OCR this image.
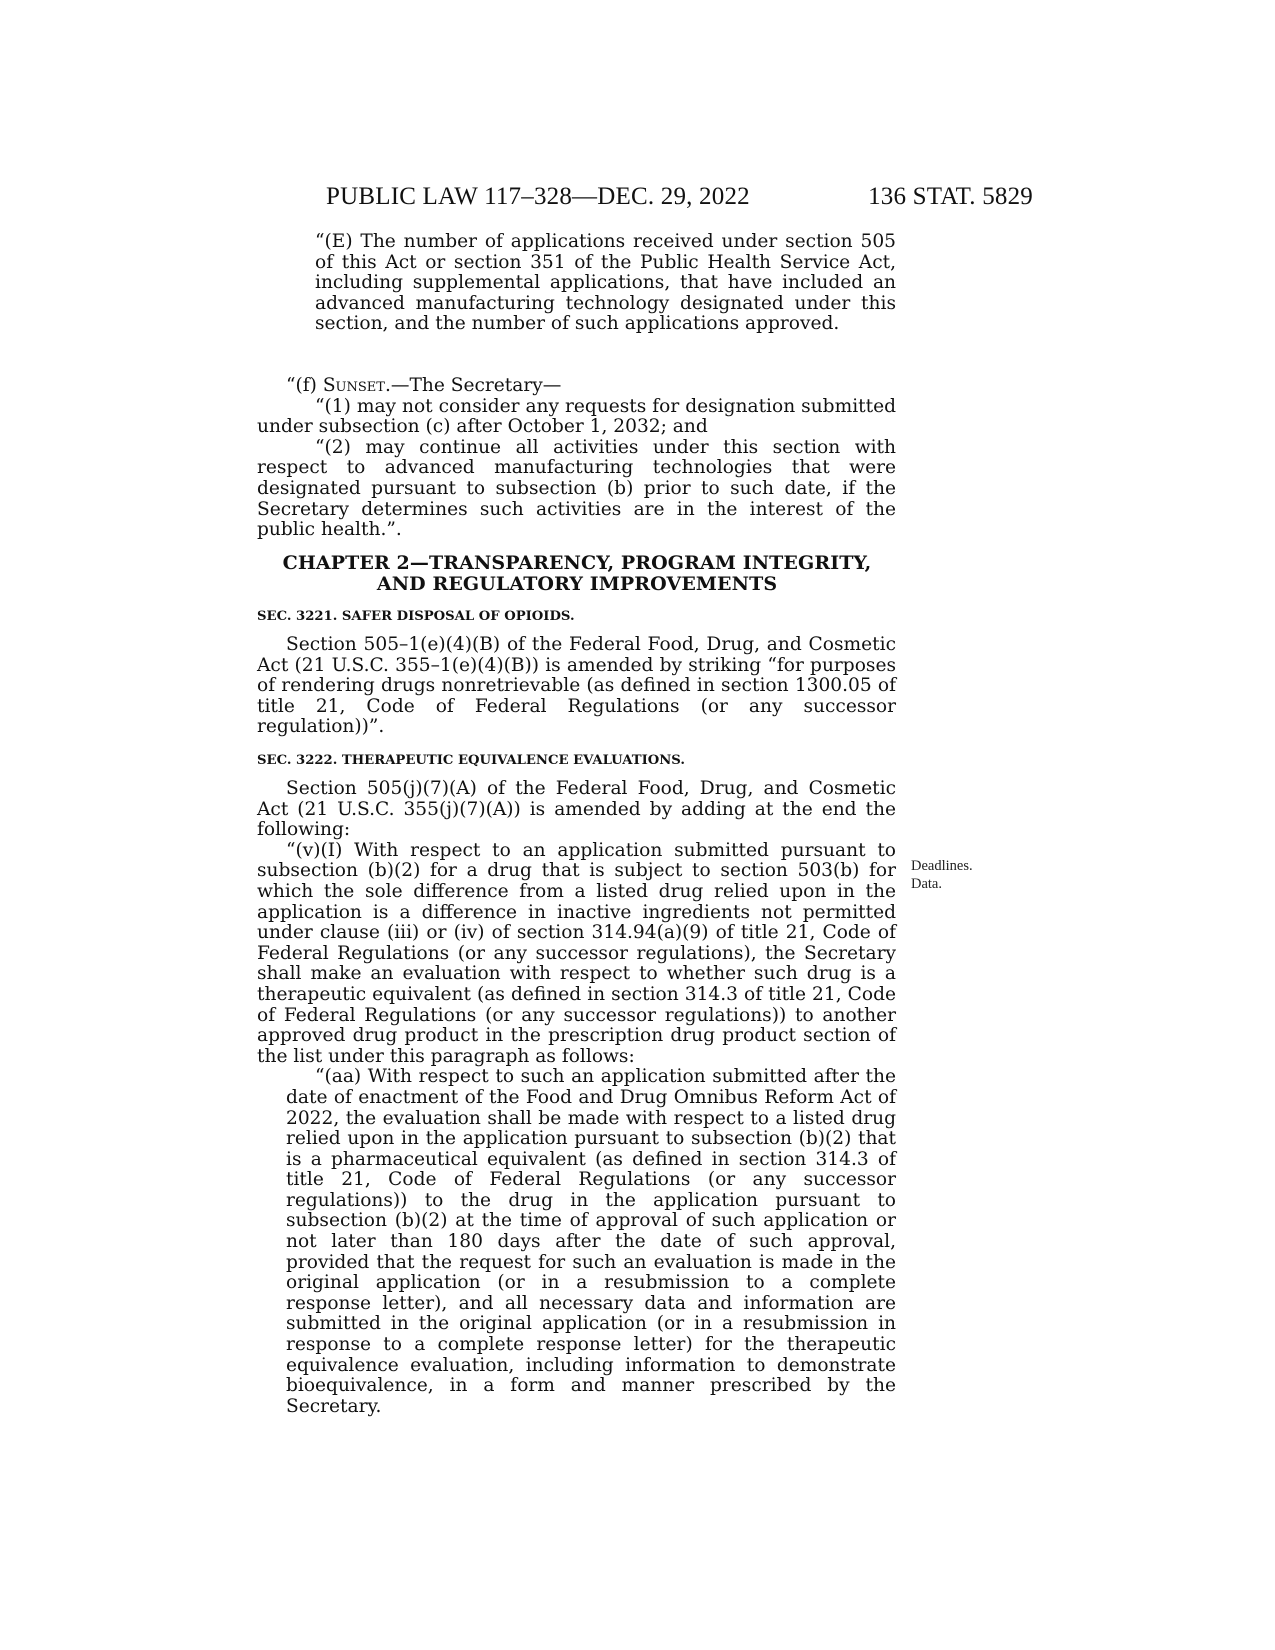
PUBLIC LAW 117–328—DEC. 29, 2022	136 STAT. 5829

“(E) The number of applications received under section 505 of this Act or section 351 of the Public Health Service Act, including supplemental applications, that have included an advanced manufacturing technology designated under this section, and the number of such applications approved.

“(f) Sunset.—The Secretary—

“(1) may not consider any requests for designation submitted under subsection (c) after October 1, 2032; and

“(2) may continue all activities under this section with respect to advanced manufacturing technologies that were designated pursuant to subsection (b) prior to such date, if the Secretary determines such activities are in the interest of the public health.”.

CHAPTER 2—TRANSPARENCY, PROGRAM INTEGRITY,
AND REGULATORY IMPROVEMENTS
SEC. 3221. SAFER DISPOSAL OF OPIOIDS.

Section 505–1(e)(4)(B) of the Federal Food, Drug, and Cosmetic Act (21 U.S.C. 355–1(e)(4)(B)) is amended by striking “for purposes of rendering drugs nonretrievable (as defined in section 1300.05 of title 21, Code of Federal Regulations (or any successor regulation))”.

SEC. 3222. THERAPEUTIC EQUIVALENCE EVALUATIONS.

Section 505(j)(7)(A) of the Federal Food, Drug, and Cosmetic Act (21 U.S.C. 355(j)(7)(A)) is amended by adding at the end the following:

“(v)(I) With respect to an application submitted pursuant to subsection (b)(2) for a drug that is subject to section 503(b) for which the sole difference from a listed drug relied upon in the application is a difference in inactive ingredients not permitted under clause (iii) or (iv) of section 314.94(a)(9) of title 21, Code of Federal Regulations (or any successor regulations), the Secretary shall make an evaluation with respect to whether such drug is a therapeutic equivalent (as defined in section 314.3 of title 21, Code of Federal Regulations (or any successor regulations)) to another approved drug product in the prescription drug product section of the list under this paragraph as follows:

“(aa) With respect to such an application submitted after the date of enactment of the Food and Drug Omnibus Reform Act of 2022, the evaluation shall be made with respect to a listed drug relied upon in the application pursuant to subsection (b)(2) that is a pharmaceutical equivalent (as defined in section 314.3 of title 21, Code of Federal Regulations (or any successor regulations)) to the drug in the application pursuant to subsection (b)(2) at the time of approval of such application or not later than 180 days after the date of such approval, provided that the request for such an evaluation is made in the original application (or in a resubmission to a complete response letter), and all necessary data and information are submitted in the original application (or in a resubmission in response to a complete response letter) for the therapeutic equivalence evaluation, including information to demonstrate bioequivalence, in a form and manner prescribed by the Secretary.

Deadlines.
Data.
